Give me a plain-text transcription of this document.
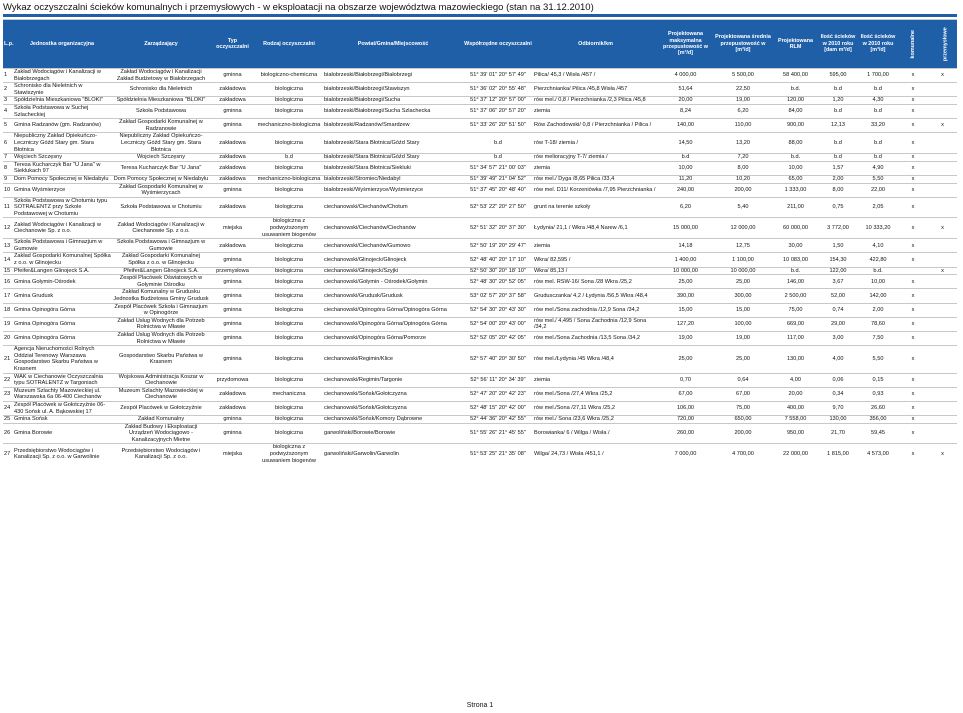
Wykaz oczyszczalni ścieków komunalnych i przemysłowych - w eksploatacji na obszarze województwa mazowieckiego (stan na 31.12.2010)
L.p.	Jednostka organizacyjna	Zarządzający	Typ oczyszczalni	Rodzaj oczyszczalni	Powiat/Gmina/Miejscowość	Współrzędne oczyszczalni	Odbiornik/km	Projektowana maksymalna przepustowość w [m³/d]	Projektowana średnia przepustowość w [m³/d]	Projektowana RLM	Ilość ścieków w 2010 roku [dam m³/d]	Ilość ścieków w 2010 roku [m³/d]	komunalne	przemysłowe
1	Zakład Wodociągów i Kanalizacji w Białobrzegach	Zakład Wodociągów i Kanalizacji Zakład Budżetowy w Białobrzegach	gminna	biologiczno-chemiczna	białobrzeski/Białobrzegi/Białobrzegi	51° 39' 01" 20° 57' 49"	Pilica/ 45,3 / Wisła /457 /	4 000,00	5 500,00	58 400,00	595,00	1 700,00	x	x
2	Schronisko dla Nieletnich w Stawiszynie	Schronisko dla Nieletnich	zakładowa	biologiczna	białobrzeski/Białobrzegi/Stawiszyn	51° 36' 02" 20° 55' 48"	Pierzchnianka/ Pilica /45,8 Wisła /457	51,64	22,50	b.d.	b.d	b.d	x	
3	Spółdzielnia Mieszkaniowa "BLOKI"	Spółdzielnia Mieszkaniowa "BLOKI"	zakładowa	biologiczna	białobrzeski/Białobrzegi/Sucha	51° 37' 12" 20° 57' 00"	rów mel./ 0,8 / Pierzchnianka /2,3 Pilica /45,8	20,00	19,00	120,00	1,20	4,30	x	
4	Szkoła Podstawowa w Suchej Szlacheckiej	Szkoła Podstawowa	gminna	biologiczna	białobrzeski/Białobrzegi/Sucha Szlachecka	51° 37' 06" 20° 57' 20"	ziemia	8,24	6,20	84,00	b.d	b.d	x	
5	Gmina Radzanów (gm. Radzanów)	Zakład Gospodarki Komunalnej w Radzanowie	gminna	mechaniczno-biologiczna	białobrzeski/Radzanów/Smardzew	51° 33' 26" 20° 51' 50"	Rów Zachodowski/ 0,8 / Pierzchnianka / Pilica /	140,00	110,00	900,00	12,13	33,20	x	x
6	Niepubliczny Zakład Opiekuńczo-Leczniczy Góźd Stary gm. Stara Błotnica	Niepubliczny Zakład Opiekuńczo-Leczniczy Góźd Stary gm. Stara Błotnica	zakładowa	biologiczna	białobrzeski/Stara Błotnica/Góźd Stary	b.d	rów T-18/ ziemia /	14,50	13,20	88,00	b.d	b.d	x	
7	Wojciech Szczęsny	Wojciech Szczęsny	zakładowa	b.d	białobrzeski/Stara Błotnica/Góźd Stary	b.d	rów melioracyjny T-7/ ziemia /	b.d	7,20	b.d.	b.d	b.d	x	
8	Teresa Kucharczyk Bar "U Jana" w Sieklukach 97	Teresa Kucharczyk Bar "U Jana"	zakładowa	biologiczna	białobrzeski/Stara Błotnica/Siekluki	51° 34' 57" 21° 00' 03"	ziemia	10,00	8,00	10,00	1,57	4,90	x	
9	Dom Pomocy Społecznej w Niedabylu	Dom Pomocy Społecznej w Niedabylu	zakładowa	mechaniczno-biologiczna	białobrzeski/Stromiec/Niedabyl	51° 39' 49" 21° 04' 52"	rów mel./ Dyga /8,65 Pilica /33,4	11,20	10,20	65,00	2,00	5,50	x	
10	Gmina Wyśmierzyce	Zakład Gospodarki Komunalnej w Wyśmierzycach	gminna	biologiczna	białobrzeski/Wyśmierzyce/Wyśmierzyce	51° 37' 45" 20° 48' 40"	rów mel. D11/ Korzeniówka /7,95 Pierzchnianka /	240,00	200,00	1 333,00	8,00	22,00	x	
11	Szkoła Podstawowa w Chotumiu typu SOTRALENTZ przy Szkole Podstawowej w Chotumiu	Szkoła Podstawowa w Chotumiu	zakładowa	biologiczna	ciechanowski/Ciechanów/Chotum	52° 53' 22" 20° 27' 50"	grunt na terenie szkoły	6,20	5,40	211,00	0,75	2,05	x	
12	Zakład Wodociągów i Kanalizacji w Ciechanowie Sp. z o.o.	Zakład Wodociągów i Kanalizacji w Ciechanowie Sp. z o.o.	miejska	biologiczna z podwyższonym usuwaniem biogenów	ciechanowski/Ciechanów/Ciechanów	52° 51' 32" 20° 37' 30"	Łydynia/ 21,1 / Wkra /48,4 Narew /6,1	15 000,00	12 000,00	60 000,00	3 772,00	10 333,20	x	x
13	Szkoła Podstawowa i Gimnazjum w Gumowie	Szkoła Podstawowa i Gimnazjum w Gumowie	zakładowa	biologiczna	ciechanowski/Ciechanów/Gumowo	52° 50' 19" 20° 29' 47"	ziemia	14,18	12,75	30,00	1,50	4,10	x	
14	Zakład Gospodarki Komunalnej Spółka z o.o. w Glinojecku	Zakład Gospodarki Komunalnej Spółka z o.o. w Glinojecku	gminna	biologiczna	ciechanowski/Glinojeck/Glinojeck	52° 48' 40" 20° 17' 10"	Wkra/ 82,595 /	1 400,00	1 100,00	10 083,00	154,30	422,80	x	
15	Pfeifer&Langen Glinojeck S.A.	Pfeifer&Langen Glinojeck S.A.	przemysłowa	biologiczna	ciechanowski/Glinojeck/Szyjki	52° 50' 30" 20° 18' 10"	Wkra/ 85,13 /	10 000,00	10 000,00	b.d.	122,00	b.d.		x
16	Gmina Gołymin-Ośrodek	Zespół Placówek Oświatowych w Gołyminie Ośrodku	gminna	biologiczna	ciechanowski/Gołymin - Ośrodek/Gołymin	52° 48' 30" 20° 52' 05"	rów mel. RSW-16/ Sona /28 Wkra /25,2	25,00	25,00	146,00	3,67	10,00	x	
17	Gmina Grudusk	Zakład Komunalny w Grudusku Jednostka Budżetowa Gminy Grudusk	gminna	biologiczna	ciechanowski/Grudusk/Grudusk	53° 02' 57" 20° 37' 58"	Grudusczanka/ 4,2 / Łydynia /56,5 Wkra /48,4	390,00	300,00	2 500,00	52,00	142,00	x	
18	Gmina Opinogóra Górna	Zespół Placówek Szkoła i Gimnazjum w Opinogórze	gminna	biologiczna	ciechanowski/Opinogóra Górna/Opinogóra Górna	52° 54' 30" 20° 43' 30"	rów mel./Sona zachodnia /12,9 Sona /34,2	15,00	15,00	75,00	0,74	2,00	x	
19	Gmina Opinogóra Górna	Zakład Usług Wodnych dla Potrzeb Rolnictwa w Mławie	gminna	biologiczna	ciechanowski/Opinogóra Górna/Opinogóra Górna	52° 54' 00" 20° 43' 00"	rów mel./ 4,495 / Sona Zachodnia /12,9 Sona /34,2	127,20	100,00	669,00	29,00	78,60	x	
20	Gmina Opinogóra Górna	Zakład Usług Wodnych dla Potrzeb Rolnictwa w Mławie	gminna	biologiczna	ciechanowski/Opinogóra Górna/Pomorze	52° 52' 05" 20° 42' 05"	rów mel./Sona Zachodnia /13,5 Sona /34,2	19,00	19,00	117,00	3,00	7,50	x	
21	Agencja Nieruchomości Rolnych Oddział Terenowy Warszawa Gospodarstwo Skarbu Państwa w Krasnem	Gospodarstwo Skarbu Państwa w Krasnem	gminna	biologiczna	ciechanowski/Regimin/Klice	52° 57' 40" 20° 30' 50"	rów mel./Łydynia /45 Wkra /48,4	25,00	25,00	130,00	4,00	5,50	x	
22	WAK w Ciechanowie Oczyszczalnia typu SOTRALENTZ w Targoniach	Wojskowa Administracja Koszar w Ciechanowie	przydomowa	biologiczna	ciechanowski/Regimin/Targonie	52° 56' 11" 20° 34' 39"	ziemia	0,70	0,64	4,00	0,06	0,15	x	
23	Muzeum Szlachty Mazowieckiej ul. Warszawska 6a 06-400 Ciechanów	Muzeum Szlachty Mazowieckiej w Ciechanowie	zakładowa	mechaniczna	ciechanowski/Sońsk/Gołotczyzna	52° 47' 20" 20° 42' 23"	rów mel./Sona /27,4 Wkra /25,2	67,00	67,00	20,00	0,34	0,93	x	
24	Zespół Placówek w Gołotczyźnie 06-430 Sońsk ul. A. Bąkowskiej 17	Zespół Placówek w Gołotczyźnie	zakładowa	biologiczna	ciechanowski/Sońsk/Gołotczyzna	52° 48' 15" 20° 42' 00"	rów mel./Sona /27,11 Wkra /25,2	106,00	75,00	400,00	9,70	26,60	x	
25	Gmina Sońsk	Zakład Komunalny	gminna	biologiczna	ciechanowski/Sońsk/Komory Dąbrowne	52° 44' 36" 20° 42' 55"	rów mel./ Sona /23,6 Wkra /25,2	720,00	650,00	7 558,00	130,00	356,00	x	
26	Gmina Borowie	Zakład Budowy i Eksploatacji Urządzeń Wodociągowo - Kanalizacyjnych Mietne	gminna	biologiczna	garwoliński/Borowie/Borowie	51° 55' 26" 21° 45' 55"	Borowianka/ 6 / Wilga / Wisła /	260,00	200,00	950,00	21,70	59,45	x	
27	Przedsiębiorstwo Wodociągów i Kanalizacji Sp. z o.o. w Garwolinie	Przedsiębiorstwo Wodociągów i Kanalizacji Sp. z o.o.	miejska	biologiczna z podwyższonym usuwaniem biogenów	garwoliński/Garwolin/Garwolin	51° 53' 25" 21° 35' 08"	Wilga/ 24,73 / Wisła /451,1 /	7 000,00	4 700,00	22 000,00	1 815,00	4 573,00	x	x
Strona 1
